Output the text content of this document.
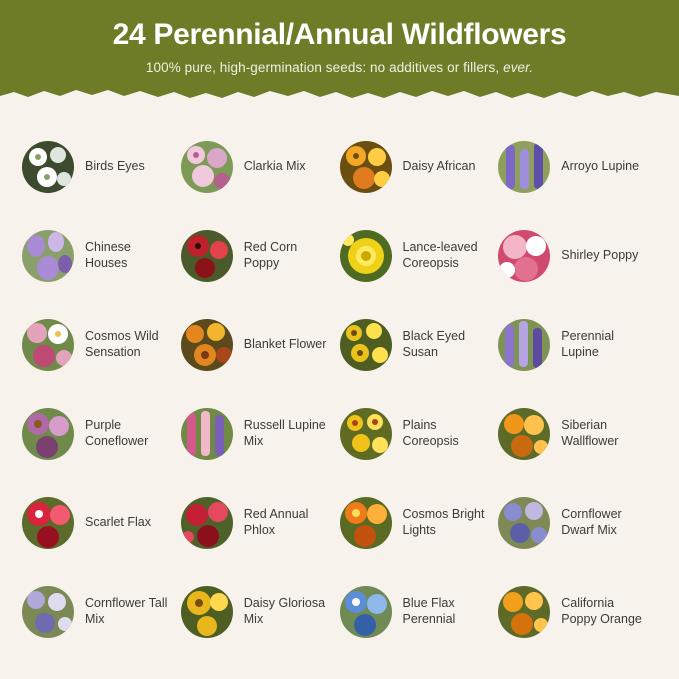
24 Perennial/Annual Wildflowers
100% pure, high-germination seeds: no additives or fillers, ever.
Birds Eyes	Clarkia Mix	Daisy African	Arroyo Lupine
Chinese Houses
Red Corn Poppy
Lance-leaved Coreopsis
Shirley Poppy
Cosmos Wild Sensation
Blanket Flower
Black Eyed Susan
Perennial Lupine
Purple Coneflower
Russell Lupine Mix
Plains Coreopsis
Siberian Wallflower
Scarlet Flax
Red Annual Phlox
Cosmos Bright Lights
Cornflower Dwarf Mix
Cornflower Tall Mix
Daisy Gloriosa Mix
Blue Flax Perennial
California Poppy Orange
